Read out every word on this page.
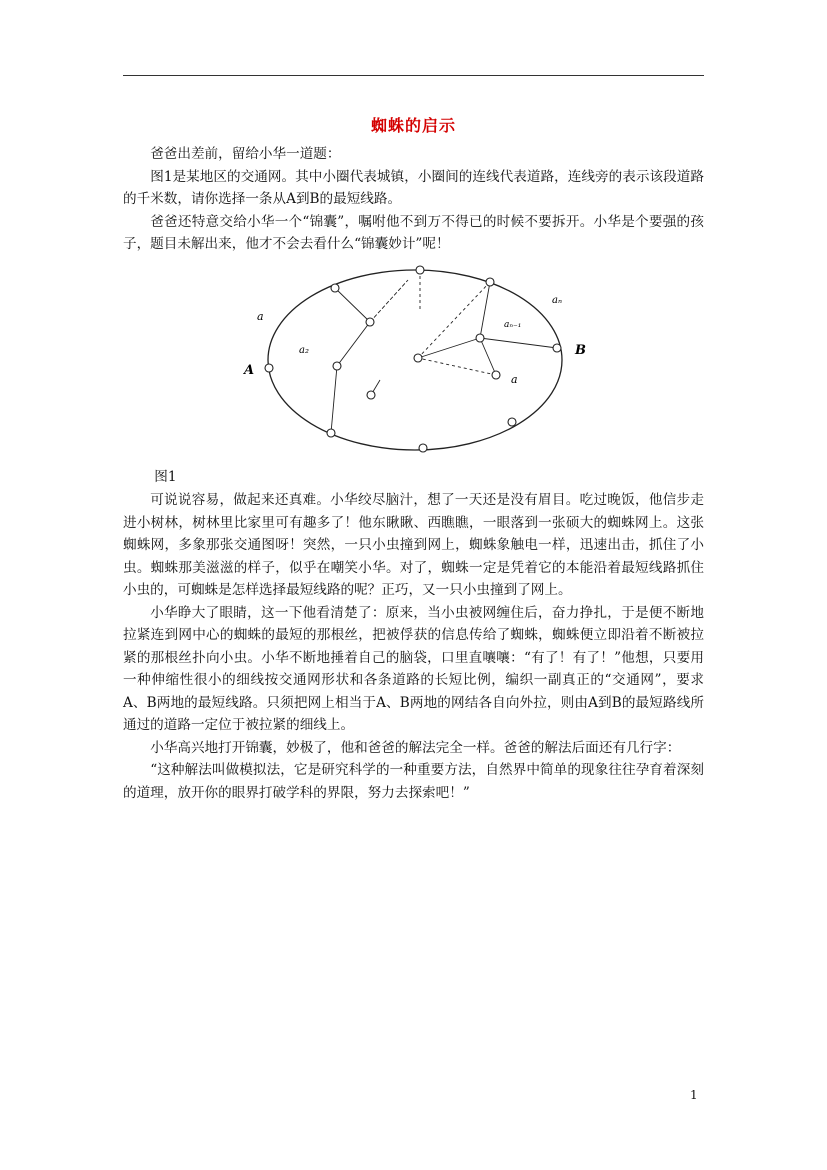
蜘蛛的启示

爸爸出差前，留给小华一道题：

图1是某地区的交通网。其中小圈代表城镇，小圈间的连线代表道路，连线旁的表示该段道路的千米数，请你选择一条从A到B的最短线路。

爸爸还特意交给小华一个“锦囊”，嘱咐他不到万不得已的时候不要拆开。小华是个要强的孩子，题目未解出来，他才不会去看什么“锦囊妙计”呢！

a
a₂
aₙ
aₙ₋₁
a
A
B

图1

可说说容易，做起来还真难。小华绞尽脑汁，想了一天还是没有眉目。吃过晚饭，他信步走进小树林，树林里比家里可有趣多了！他东瞅瞅、西瞧瞧，一眼落到一张硕大的蜘蛛网上。这张蜘蛛网，多象那张交通图呀！突然，一只小虫撞到网上，蜘蛛象触电一样，迅速出击，抓住了小虫。蜘蛛那美滋滋的样子，似乎在嘲笑小华。对了，蜘蛛一定是凭着它的本能沿着最短线路抓住小虫的，可蜘蛛是怎样选择最短线路的呢？正巧，又一只小虫撞到了网上。

小华睁大了眼睛，这一下他看清楚了：原来，当小虫被网缠住后，奋力挣扎，于是便不断地拉紧连到网中心的蜘蛛的最短的那根丝，把被俘获的信息传给了蜘蛛，蜘蛛便立即沿着不断被拉紧的那根丝扑向小虫。小华不断地捶着自己的脑袋，口里直嚷嚷：“有了！有了！”他想，只要用一种伸缩性很小的细线按交通网形状和各条道路的长短比例，编织一副真正的“交通网”，要求A、B两地的最短线路。只须把网上相当于A、B两地的网结各自向外拉，则由A到B的最短路线所通过的道路一定位于被拉紧的细线上。

小华高兴地打开锦囊，妙极了，他和爸爸的解法完全一样。爸爸的解法后面还有几行字：

“这种解法叫做模拟法，它是研究科学的一种重要方法，自然界中简单的现象往往孕育着深刻的道理，放开你的眼界打破学科的界限，努力去探索吧！”

1
